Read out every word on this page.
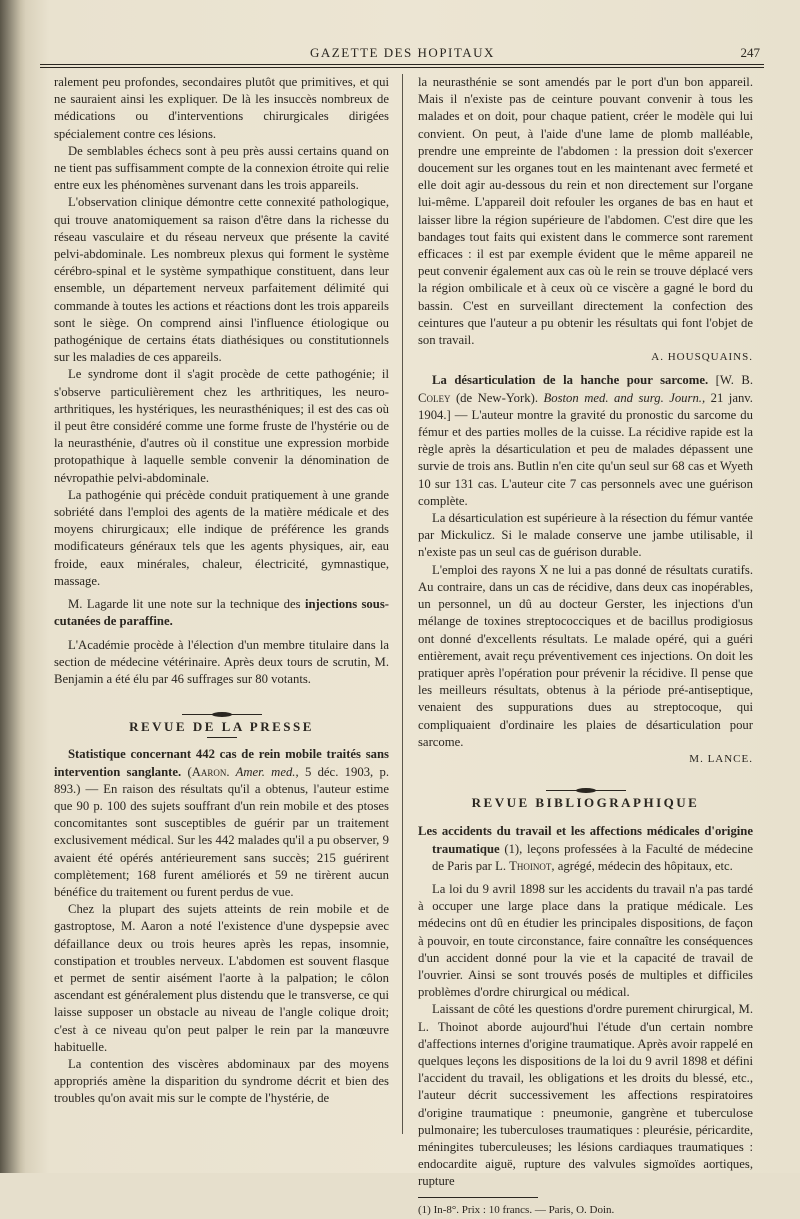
GAZETTE DES HOPITAUX	247

ralement peu profondes, secondaires plutôt que primitives, et qui ne sauraient ainsi les expliquer. De là les insuccès nombreux de médications ou d'interventions chirurgicales dirigées spécialement contre ces lésions.

De semblables échecs sont à peu près aussi certains quand on ne tient pas suffisamment compte de la connexion étroite qui relie entre eux les phénomènes survenant dans les trois appareils.

L'observation clinique démontre cette connexité pathologique, qui trouve anatomiquement sa raison d'être dans la richesse du réseau vasculaire et du réseau nerveux que présente la cavité pelvi-abdominale. Les nombreux plexus qui forment le système cérébro-spinal et le système sympathique constituent, dans leur ensemble, un département nerveux parfaitement délimité qui commande à toutes les actions et réactions dont les trois appareils sont le siège. On comprend ainsi l'influence étiologique ou pathogénique de certains états diathésiques ou constitutionnels sur les maladies de ces appareils.

Le syndrome dont il s'agit procède de cette pathogénie; il s'observe particulièrement chez les arthritiques, les neuro-arthritiques, les hystériques, les neurasthéniques; il est des cas où il peut être considéré comme une forme fruste de l'hystérie ou de la neurasthénie, d'autres où il constitue une expression morbide protopathique à laquelle semble convenir la dénomination de névropathie pelvi-abdominale.

La pathogénie qui précède conduit pratiquement à une grande sobriété dans l'emploi des agents de la matière médicale et des moyens chirurgicaux; elle indique de préférence les grands modificateurs généraux tels que les agents physiques, air, eau froide, eaux minérales, chaleur, électricité, gymnastique, massage.

M. Lagarde lit une note sur la technique des injections sous-cutanées de paraffine.

L'Académie procède à l'élection d'un membre titulaire dans la section de médecine vétérinaire. Après deux tours de scrutin, M. Benjamin a été élu par 46 suffrages sur 80 votants.

REVUE DE LA PRESSE

Statistique concernant 442 cas de rein mobile traités sans intervention sanglante. (Aaron. Amer. med., 5 déc. 1903, p. 893.) — En raison des résultats qu'il a obtenus, l'auteur estime que 90 p. 100 des sujets souffrant d'un rein mobile et des ptoses concomitantes sont susceptibles de guérir par un traitement exclusivement médical. Sur les 442 malades qu'il a pu observer, 9 avaient été opérés antérieurement sans succès; 215 guérirent complètement; 168 furent améliorés et 59 ne tirèrent aucun bénéfice du traitement ou furent perdus de vue.

Chez la plupart des sujets atteints de rein mobile et de gastroptose, M. Aaron a noté l'existence d'une dyspepsie avec défaillance deux ou trois heures après les repas, insomnie, constipation et troubles nerveux. L'abdomen est souvent flasque et permet de sentir aisément l'aorte à la palpation; le côlon ascendant est généralement plus distendu que le transverse, ce qui laisse supposer un obstacle au niveau de l'angle colique droit; c'est à ce niveau qu'on peut palper le rein par la manœuvre habituelle.

La contention des viscères abdominaux par des moyens appropriés amène la disparition du syndrome décrit et bien des troubles qu'on avait mis sur le compte de l'hystérie, de

la neurasthénie se sont amendés par le port d'un bon appareil. Mais il n'existe pas de ceinture pouvant convenir à tous les malades et on doit, pour chaque patient, créer le modèle qui lui convient. On peut, à l'aide d'une lame de plomb malléable, prendre une empreinte de l'abdomen : la pression doit s'exercer doucement sur les organes tout en les maintenant avec fermeté et elle doit agir au-dessous du rein et non directement sur l'organe lui-même. L'appareil doit refouler les organes de bas en haut et laisser libre la région supérieure de l'abdomen. C'est dire que les bandages tout faits qui existent dans le commerce sont rarement efficaces : il est par exemple évident que le même appareil ne peut convenir également aux cas où le rein se trouve déplacé vers la région ombilicale et à ceux où ce viscère a gagné le bord du bassin. C'est en surveillant directement la confection des ceintures que l'auteur a pu obtenir les résultats qui font l'objet de son travail.

A. HOUSQUAINS.

La désarticulation de la hanche pour sarcome. [W. B. Coley (de New-York). Boston med. and surg. Journ., 21 janv. 1904.] — L'auteur montre la gravité du pronostic du sarcome du fémur et des parties molles de la cuisse. La récidive rapide est la règle après la désarticulation et peu de malades dépassent une survie de trois ans. Butlin n'en cite qu'un seul sur 68 cas et Wyeth 10 sur 131 cas. L'auteur cite 7 cas personnels avec une guérison complète.

La désarticulation est supérieure à la résection du fémur vantée par Mickulicz. Si le malade conserve une jambe utilisable, il n'existe pas un seul cas de guérison durable.

L'emploi des rayons X ne lui a pas donné de résultats curatifs. Au contraire, dans un cas de récidive, dans deux cas inopérables, un personnel, un dû au docteur Gerster, les injections d'un mélange de toxines streptococciques et de bacillus prodigiosus ont donné d'excellents résultats. Le malade opéré, qui a guéri entièrement, avait reçu préventivement ces injections. On doit les pratiquer après l'opération pour prévenir la récidive. Il pense que les meilleurs résultats, obtenus à la période pré-antiseptique, venaient des suppurations dues au streptocoque, qui compliquaient d'ordinaire les plaies de désarticulation pour sarcome.

M. LANCE.
REVUE BIBLIOGRAPHIQUE

Les accidents du travail et les affections médicales d'origine traumatique (1), leçons professées à la Faculté de médecine de Paris par L. Thoinot, agrégé, médecin des hôpitaux, etc.

La loi du 9 avril 1898 sur les accidents du travail n'a pas tardé à occuper une large place dans la pratique médicale. Les médecins ont dû en étudier les principales dispositions, de façon à pouvoir, en toute circonstance, faire connaître les conséquences d'un accident donné pour la vie et la capacité de travail de l'ouvrier. Ainsi se sont trouvés posés de multiples et difficiles problèmes d'ordre chirurgical ou médical.

Laissant de côté les questions d'ordre purement chirurgical, M. L. Thoinot aborde aujourd'hui l'étude d'un certain nombre d'affections internes d'origine traumatique. Après avoir rappelé en quelques leçons les dispositions de la loi du 9 avril 1898 et défini l'accident du travail, les obligations et les droits du blessé, etc., l'auteur décrit successivement les affections respiratoires d'origine traumatique : pneumonie, gangrène et tuberculose pulmonaire; les tuberculoses traumatiques : pleurésie, péricardite, méningites tuberculeuses; les lésions cardiaques traumatiques : endocardite aiguë, rupture des valvules sigmoïdes aortiques, rupture

(1) In-8°. Prix : 10 francs. — Paris, O. Doin.
